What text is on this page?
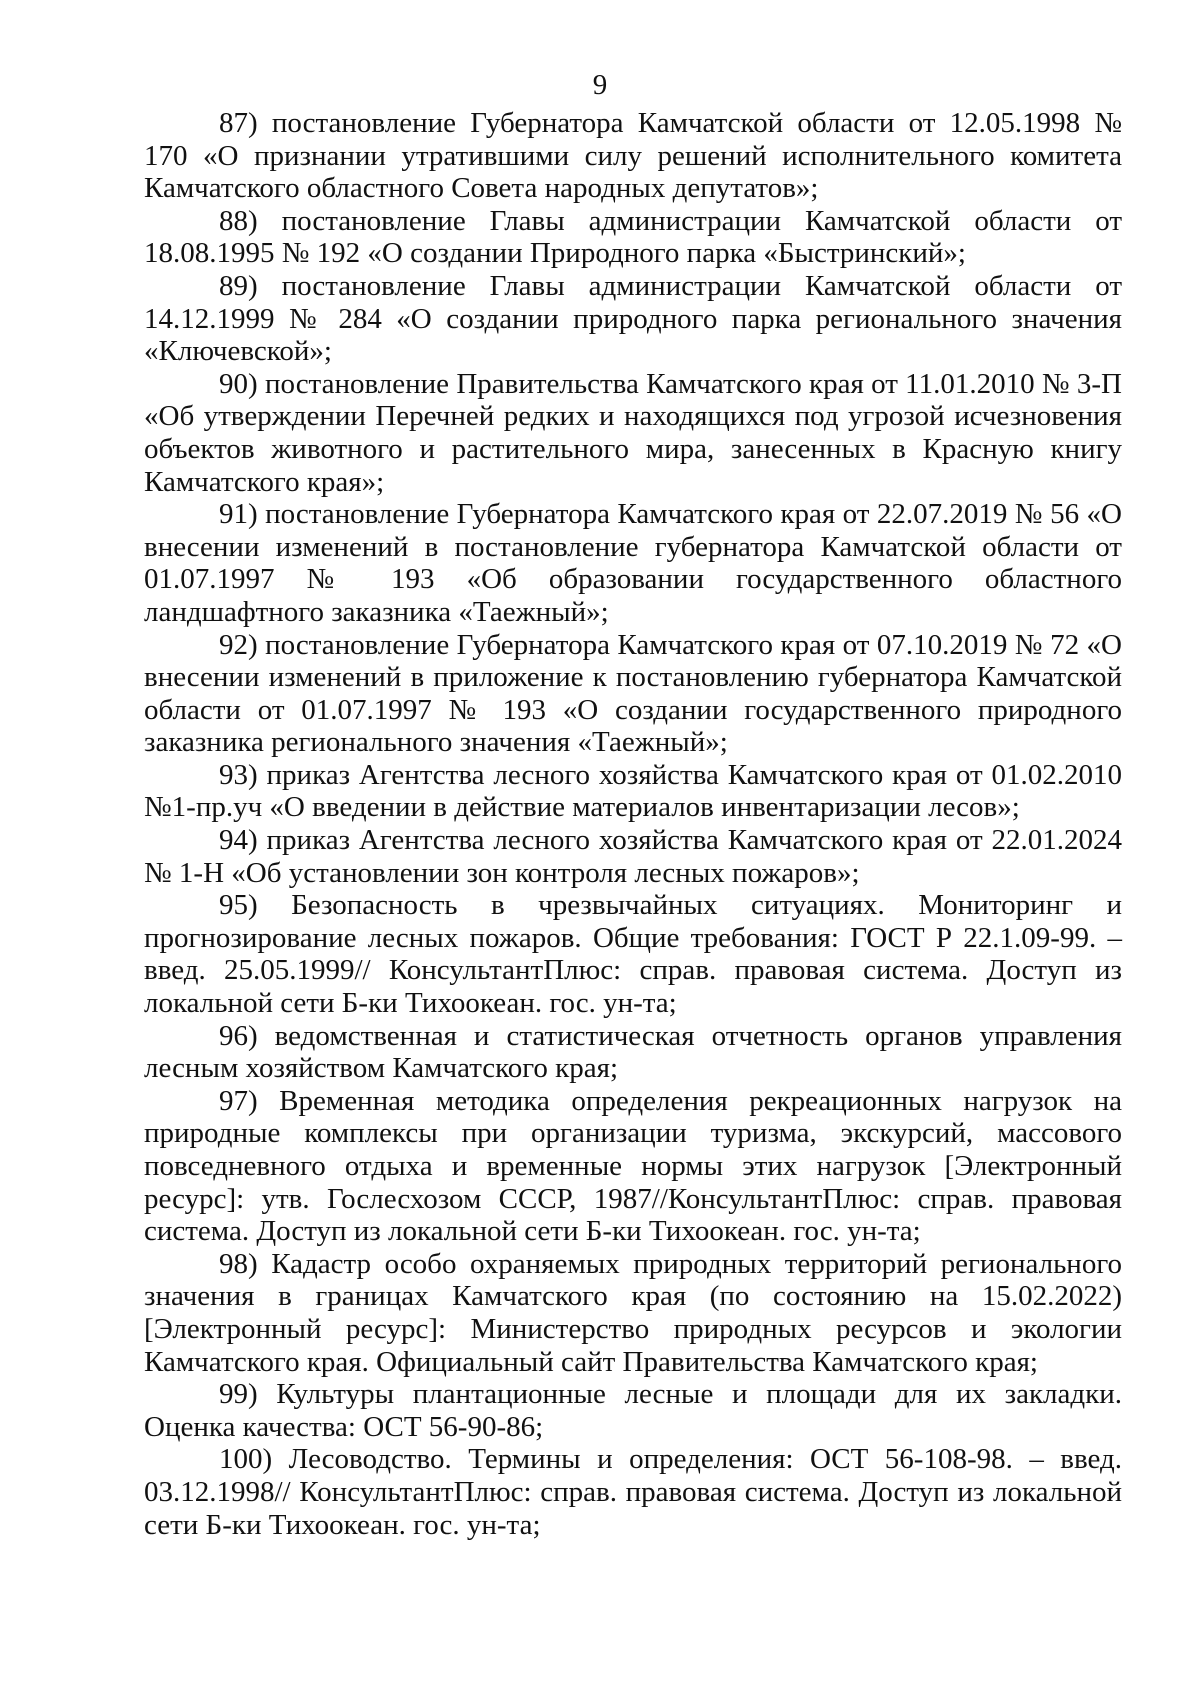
9

87) постановление Губернатора Камчатской области от 12.05.1998 № 170 «О признании утратившими силу решений исполнительного комитета Камчатского областного Совета народных депутатов»;

88) постановление Главы администрации Камчатской области от 18.08.1995 № 192 «О создании Природного парка «Быстринский»;

89) постановление Главы администрации Камчатской области от 14.12.1999 № 284 «О создании природного парка регионального значения «Ключевской»;

90) постановление Правительства Камчатского края от 11.01.2010 № 3-П «Об утверждении Перечней редких и находящихся под угрозой исчезновения объектов животного и растительного мира, занесенных в Красную книгу Камчатского края»;

91) постановление Губернатора Камчатского края от 22.07.2019 № 56 «О внесении изменений в постановление губернатора Камчатской области от 01.07.1997 № 193 «Об образовании государственного областного ландшафтного заказника «Таежный»;

92) постановление Губернатора Камчатского края от 07.10.2019 № 72 «О внесении изменений в приложение к постановлению губернатора Камчатской области от 01.07.1997 № 193 «О создании государственного природного заказника регионального значения «Таежный»;

93) приказ Агентства лесного хозяйства Камчатского края от 01.02.2010 №1-пр.уч «О введении в действие материалов инвентаризации лесов»;

94) приказ Агентства лесного хозяйства Камчатского края от 22.01.2024 № 1-Н «Об установлении зон контроля лесных пожаров»;

95) Безопасность в чрезвычайных ситуациях. Мониторинг и прогнозирование лесных пожаров. Общие требования: ГОСТ Р 22.1.09-99. – введ. 25.05.1999// КонсультантПлюс: справ. правовая система. Доступ из локальной сети Б-ки Тихоокеан. гос. ун-та;

96) ведомственная и статистическая отчетность органов управления лесным хозяйством Камчатского края;

97) Временная методика определения рекреационных нагрузок на природные комплексы при организации туризма, экскурсий, массового повседневного отдыха и временные нормы этих нагрузок [Электронный ресурс]: утв. Гослесхозом СССР, 1987//КонсультантПлюс: справ. правовая система. Доступ из локальной сети Б-ки Тихоокеан. гос. ун-та;

98) Кадастр особо охраняемых природных территорий регионального значения в границах Камчатского края (по состоянию на 15.02.2022) [Электронный ресурс]: Министерство природных ресурсов и экологии Камчатского края. Официальный сайт Правительства Камчатского края;

99) Культуры плантационные лесные и площади для их закладки. Оценка качества: ОСТ 56-90-86;

100) Лесоводство. Термины и определения: ОСТ 56-108-98. – введ. 03.12.1998// КонсультантПлюс: справ. правовая система. Доступ из локальной сети Б-ки Тихоокеан. гос. ун-та;
